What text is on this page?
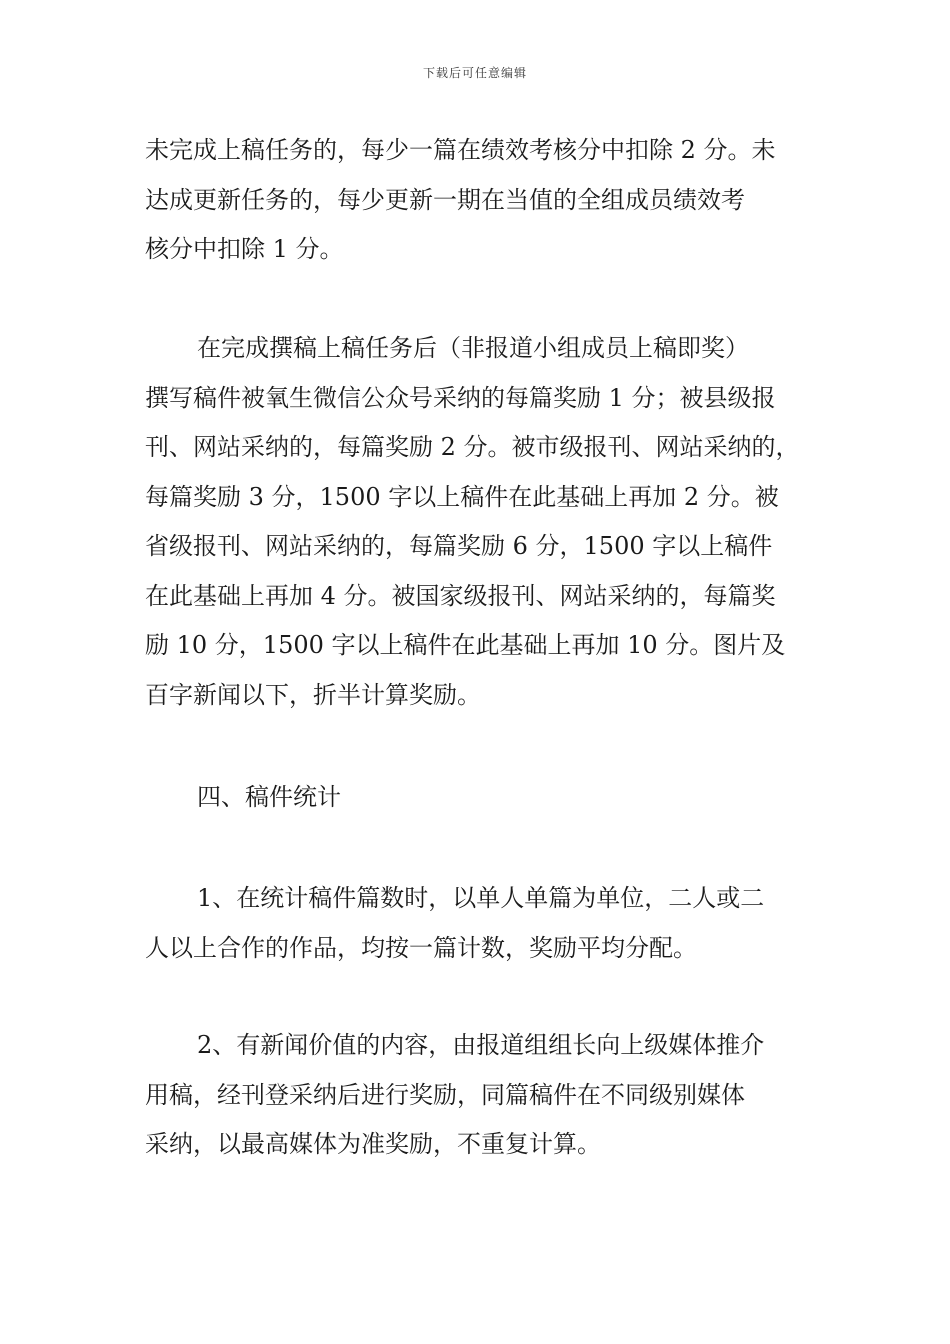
下载后可任意编辑
未完成上稿任务的，每少一篇在绩效考核分中扣除 2 分。未
达成更新任务的，每少更新一期在当值的全组成员绩效考
核分中扣除 1 分。
在完成撰稿上稿任务后（非报道小组成员上稿即奖）
撰写稿件被氧生微信公众号采纳的每篇奖励 1 分；被县级报
刊、网站采纳的，每篇奖励 2 分。被市级报刊、网站采纳的，
每篇奖励 3 分，1500 字以上稿件在此基础上再加 2 分。被
省级报刊、网站采纳的，每篇奖励 6 分，1500 字以上稿件
在此基础上再加 4 分。被国家级报刊、网站采纳的，每篇奖
励 10 分，1500 字以上稿件在此基础上再加 10 分。图片及
百字新闻以下，折半计算奖励。
四、稿件统计
1、在统计稿件篇数时，以单人单篇为单位，二人或二
人以上合作的作品，均按一篇计数，奖励平均分配。
2、有新闻价值的内容，由报道组组长向上级媒体推介
用稿，经刊登采纳后进行奖励，同篇稿件在不同级别媒体
采纳，以最高媒体为准奖励，不重复计算。
